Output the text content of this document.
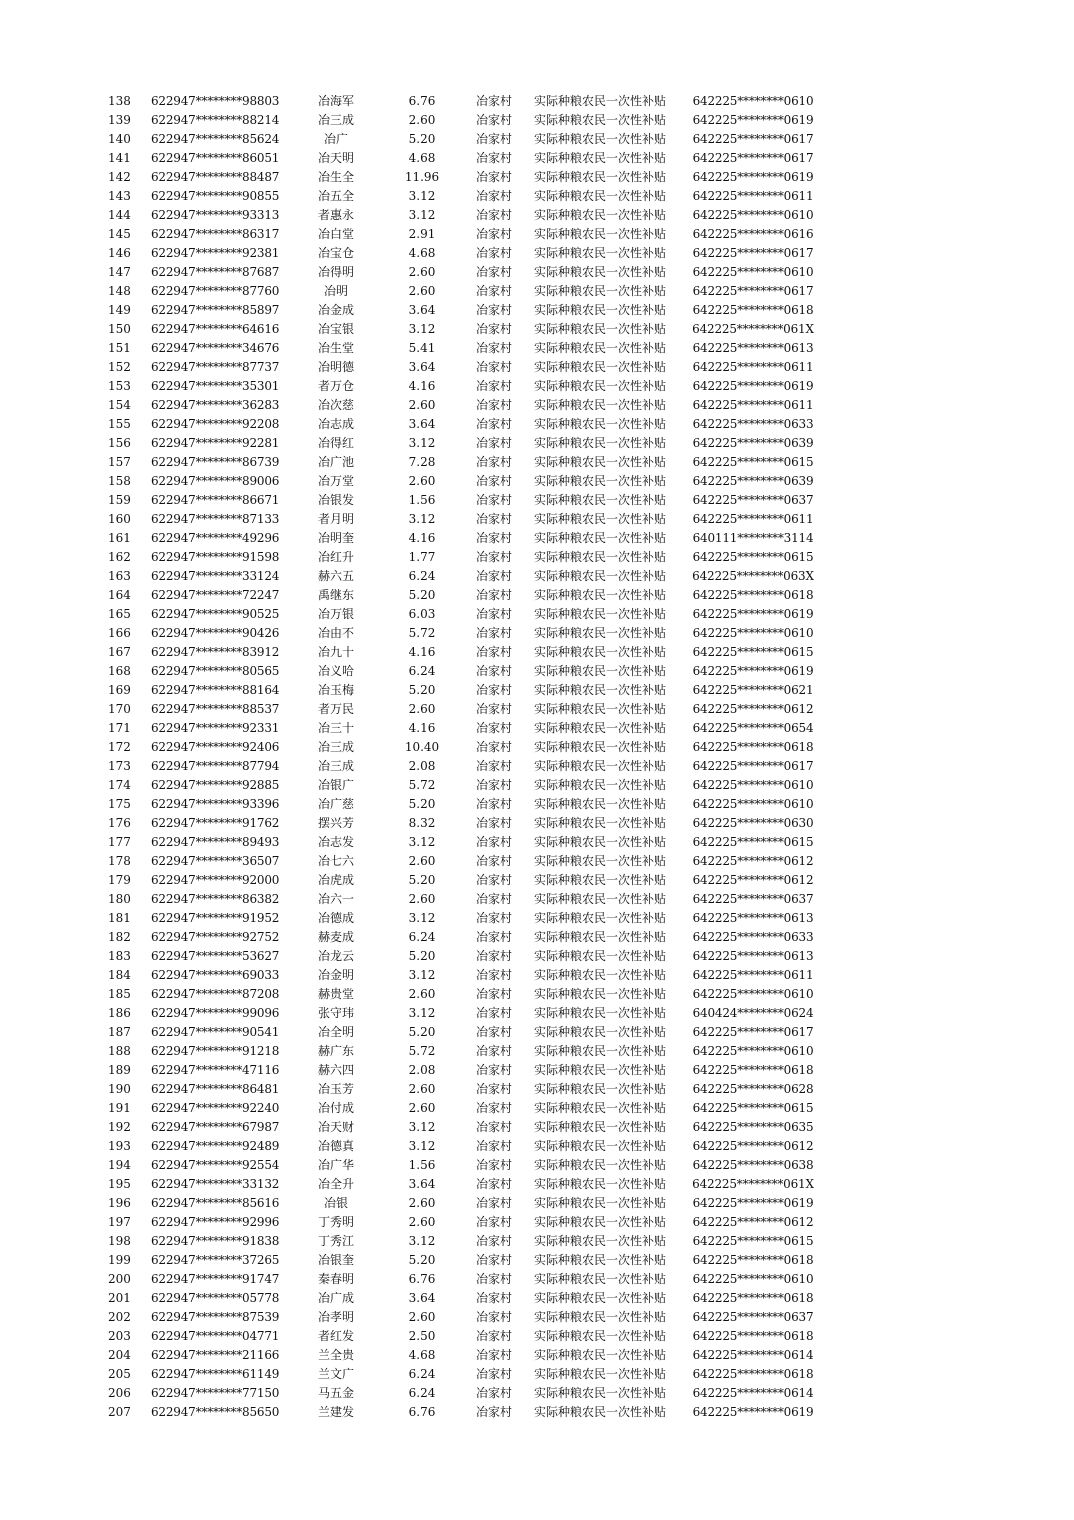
138	622947********98803	冶海军	6.76	冶家村	实际种粮农民一次性补贴	642225********0610
139	622947********88214	冶三成	2.60	冶家村	实际种粮农民一次性补贴	642225********0619
140	622947********85624	冶广	5.20	冶家村	实际种粮农民一次性补贴	642225********0617
141	622947********86051	冶天明	4.68	冶家村	实际种粮农民一次性补贴	642225********0617
142	622947********88487	冶生全	11.96	冶家村	实际种粮农民一次性补贴	642225********0619
143	622947********90855	冶五全	3.12	冶家村	实际种粮农民一次性补贴	642225********0611
144	622947********93313	者惠永	3.12	冶家村	实际种粮农民一次性补贴	642225********0610
145	622947********86317	冶白堂	2.91	冶家村	实际种粮农民一次性补贴	642225********0616
146	622947********92381	冶宝仓	4.68	冶家村	实际种粮农民一次性补贴	642225********0617
147	622947********87687	冶得明	2.60	冶家村	实际种粮农民一次性补贴	642225********0610
148	622947********87760	冶明	2.60	冶家村	实际种粮农民一次性补贴	642225********0617
149	622947********85897	冶金成	3.64	冶家村	实际种粮农民一次性补贴	642225********0618
150	622947********64616	冶宝银	3.12	冶家村	实际种粮农民一次性补贴	642225********061X
151	622947********34676	冶生堂	5.41	冶家村	实际种粮农民一次性补贴	642225********0613
152	622947********87737	冶明德	3.64	冶家村	实际种粮农民一次性补贴	642225********0611
153	622947********35301	者万仓	4.16	冶家村	实际种粮农民一次性补贴	642225********0619
154	622947********36283	冶次慈	2.60	冶家村	实际种粮农民一次性补贴	642225********0611
155	622947********92208	冶志成	3.64	冶家村	实际种粮农民一次性补贴	642225********0633
156	622947********92281	冶得红	3.12	冶家村	实际种粮农民一次性补贴	642225********0639
157	622947********86739	冶广池	7.28	冶家村	实际种粮农民一次性补贴	642225********0615
158	622947********89006	冶万堂	2.60	冶家村	实际种粮农民一次性补贴	642225********0639
159	622947********86671	冶银发	1.56	冶家村	实际种粮农民一次性补贴	642225********0637
160	622947********87133	者月明	3.12	冶家村	实际种粮农民一次性补贴	642225********0611
161	622947********49296	冶明奎	4.16	冶家村	实际种粮农民一次性补贴	640111********3114
162	622947********91598	冶红升	1.77	冶家村	实际种粮农民一次性补贴	642225********0615
163	622947********33124	赫六五	6.24	冶家村	实际种粮农民一次性补贴	642225********063X
164	622947********72247	禹继东	5.20	冶家村	实际种粮农民一次性补贴	642225********0618
165	622947********90525	冶万银	6.03	冶家村	实际种粮农民一次性补贴	642225********0619
166	622947********90426	冶由不	5.72	冶家村	实际种粮农民一次性补贴	642225********0610
167	622947********83912	冶九十	4.16	冶家村	实际种粮农民一次性补贴	642225********0615
168	622947********80565	冶义哈	6.24	冶家村	实际种粮农民一次性补贴	642225********0619
169	622947********88164	冶玉梅	5.20	冶家村	实际种粮农民一次性补贴	642225********0621
170	622947********88537	者万民	2.60	冶家村	实际种粮农民一次性补贴	642225********0612
171	622947********92331	冶三十	4.16	冶家村	实际种粮农民一次性补贴	642225********0654
172	622947********92406	冶三成	10.40	冶家村	实际种粮农民一次性补贴	642225********0618
173	622947********87794	冶三成	2.08	冶家村	实际种粮农民一次性补贴	642225********0617
174	622947********92885	冶银广	5.72	冶家村	实际种粮农民一次性补贴	642225********0610
175	622947********93396	冶广慈	5.20	冶家村	实际种粮农民一次性补贴	642225********0610
176	622947********91762	摆兴芳	8.32	冶家村	实际种粮农民一次性补贴	642225********0630
177	622947********89493	冶志发	3.12	冶家村	实际种粮农民一次性补贴	642225********0615
178	622947********36507	冶七六	2.60	冶家村	实际种粮农民一次性补贴	642225********0612
179	622947********92000	冶虎成	5.20	冶家村	实际种粮农民一次性补贴	642225********0612
180	622947********86382	冶六一	2.60	冶家村	实际种粮农民一次性补贴	642225********0637
181	622947********91952	冶德成	3.12	冶家村	实际种粮农民一次性补贴	642225********0613
182	622947********92752	赫麦成	6.24	冶家村	实际种粮农民一次性补贴	642225********0633
183	622947********53627	冶龙云	5.20	冶家村	实际种粮农民一次性补贴	642225********0613
184	622947********69033	冶金明	3.12	冶家村	实际种粮农民一次性补贴	642225********0611
185	622947********87208	赫贵堂	2.60	冶家村	实际种粮农民一次性补贴	642225********0610
186	622947********99096	张守玮	3.12	冶家村	实际种粮农民一次性补贴	640424********0624
187	622947********90541	冶全明	5.20	冶家村	实际种粮农民一次性补贴	642225********0617
188	622947********91218	赫广东	5.72	冶家村	实际种粮农民一次性补贴	642225********0610
189	622947********47116	赫六四	2.08	冶家村	实际种粮农民一次性补贴	642225********0618
190	622947********86481	冶玉芳	2.60	冶家村	实际种粮农民一次性补贴	642225********0628
191	622947********92240	冶付成	2.60	冶家村	实际种粮农民一次性补贴	642225********0615
192	622947********67987	冶天财	3.12	冶家村	实际种粮农民一次性补贴	642225********0635
193	622947********92489	冶德真	3.12	冶家村	实际种粮农民一次性补贴	642225********0612
194	622947********92554	冶广华	1.56	冶家村	实际种粮农民一次性补贴	642225********0638
195	622947********33132	冶全升	3.64	冶家村	实际种粮农民一次性补贴	642225********061X
196	622947********85616	冶银	2.60	冶家村	实际种粮农民一次性补贴	642225********0619
197	622947********92996	丁秀明	2.60	冶家村	实际种粮农民一次性补贴	642225********0612
198	622947********91838	丁秀江	3.12	冶家村	实际种粮农民一次性补贴	642225********0615
199	622947********37265	冶银奎	5.20	冶家村	实际种粮农民一次性补贴	642225********0618
200	622947********91747	秦春明	6.76	冶家村	实际种粮农民一次性补贴	642225********0610
201	622947********05778	冶广成	3.64	冶家村	实际种粮农民一次性补贴	642225********0618
202	622947********87539	冶孝明	2.60	冶家村	实际种粮农民一次性补贴	642225********0637
203	622947********04771	者红发	2.50	冶家村	实际种粮农民一次性补贴	642225********0618
204	622947********21166	兰全贵	4.68	冶家村	实际种粮农民一次性补贴	642225********0614
205	622947********61149	兰文广	6.24	冶家村	实际种粮农民一次性补贴	642225********0618
206	622947********77150	马五金	6.24	冶家村	实际种粮农民一次性补贴	642225********0614
207	622947********85650	兰建发	6.76	冶家村	实际种粮农民一次性补贴	642225********0619
